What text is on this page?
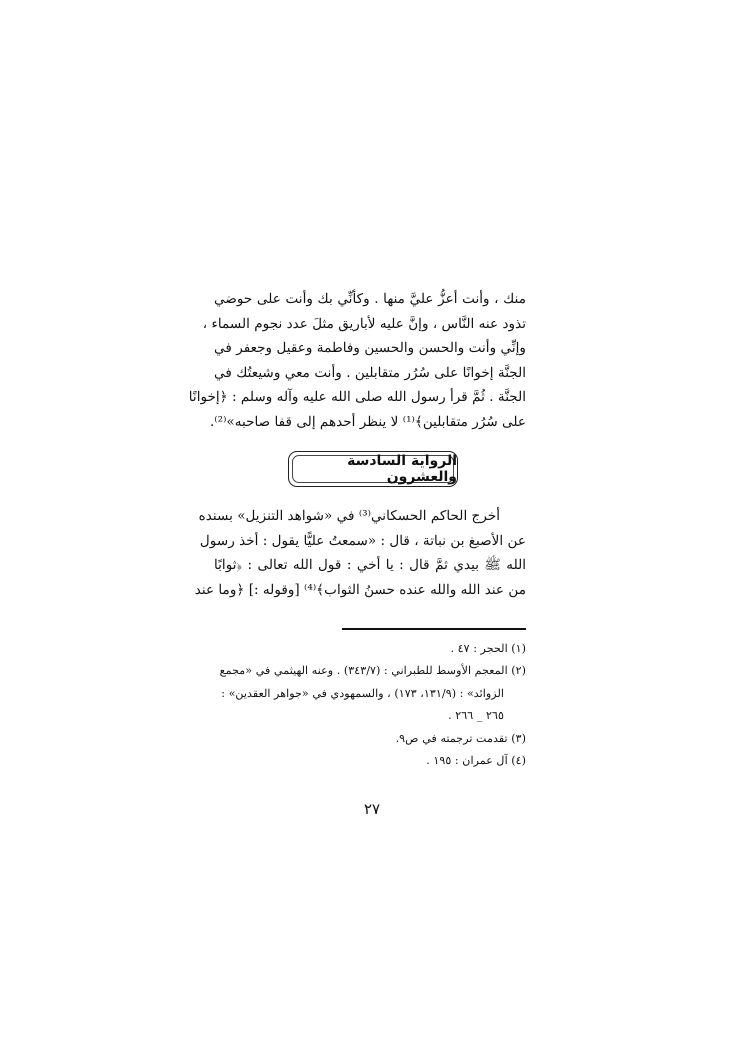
منك ، وأنت أعزُّ عليَّ منها . وكأنِّي بك وأنت على حوضي
تذود عنه النَّاس ، وإنَّ عليه لأباريق مثلَ عدد نجوم السماء ،
وإنِّي وأنت والحسن والحسين وفاطمة وعقيل وجعفر في
الجنَّة إخوانًا على سُرُر متقابلين . وأنت معي وشيعتُك في
الجنَّة . ثُمَّ قرأ رسول الله صلى الله عليه وآله وسلم : ﴿إخوانًا
على سُرُر متقابلين﴾⁽¹⁾ لا ينظر أحدهم إلى قفا صاحبه»⁽²⁾.
الرواية السادسة والعشرون
أخرج الحاكم الحسكاني⁽³⁾ في «شواهد التنزيل» بسنده
عن الأصبغ بن نباتة ، قال : «سمعتُ عليًّا يقول : أخذ رسول
الله ﷺ بيدي ثمَّ قال : يا أخي : قول الله تعالى : ﴿ثوابًا
من عند الله والله عنده حسنُ الثواب﴾⁽⁴⁾ [وقوله :] ﴿وما عند
(١) الحجر : ٤٧ .
(٢) المعجم الأوسط للطبراني : (٣٤٣/٧) . وعنه الهيثمي في «مجمع
الزوائد» : (١٣١/٩، ١٧٣) ، والسمهودي في «جواهر العقدين» :
٢٦٥ _ ٢٦٦ .
(٣) تقدمت ترجمته في ص٩.
(٤) آل عمران : ١٩٥ .
٢٧
